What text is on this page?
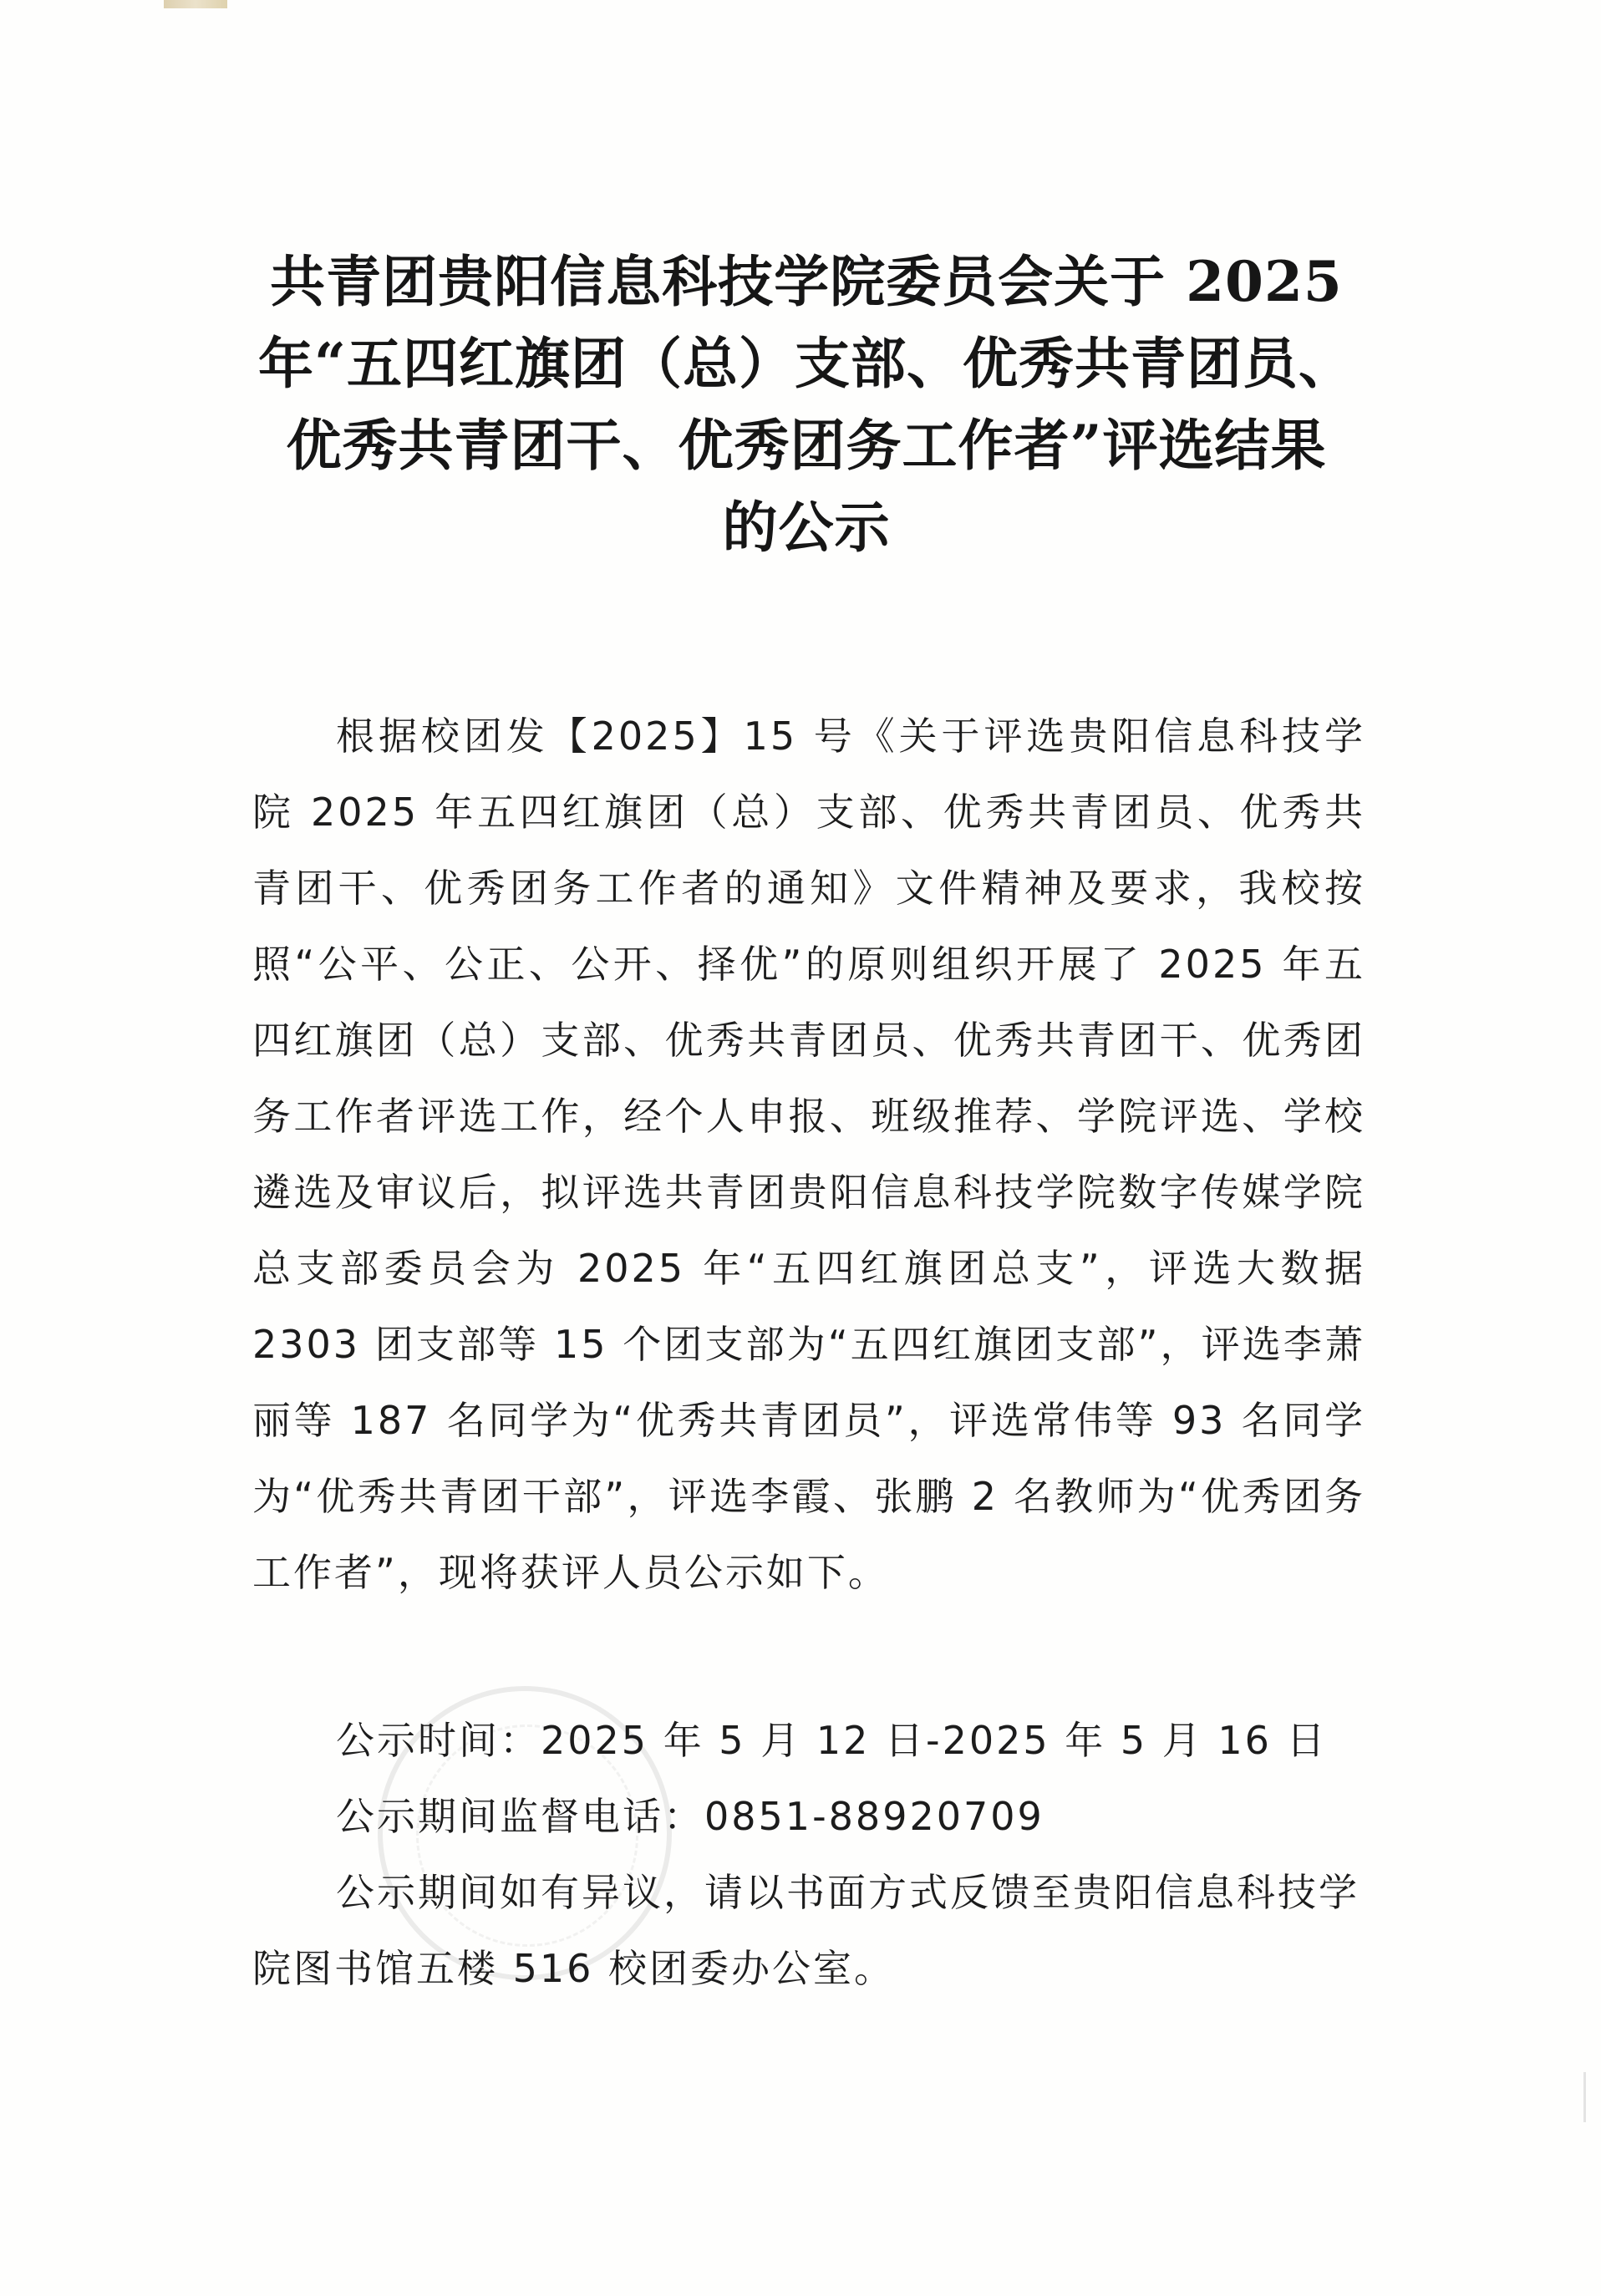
共青团贵阳信息科技学院委员会关于 2025
年“五四红旗团（总）支部、优秀共青团员、
优秀共青团干、优秀团务工作者”评选结果
的公示
根据校团发【2025】15 号《关于评选贵阳信息科技学院 2025 年五四红旗团（总）支部、优秀共青团员、优秀共青团干、优秀团务工作者的通知》文件精神及要求，我校按照“公平、公正、公开、择优”的原则组织开展了 2025 年五四红旗团（总）支部、优秀共青团员、优秀共青团干、优秀团务工作者评选工作，经个人申报、班级推荐、学院评选、学校遴选及审议后，拟评选共青团贵阳信息科技学院数字传媒学院总支部委员会为 2025 年“五四红旗团总支”，评选大数据 2303 团支部等 15 个团支部为“五四红旗团支部”，评选李萧丽等 187 名同学为“优秀共青团员”，评选常伟等 93 名同学为“优秀共青团干部”，评选李霞、张鹏 2 名教师为“优秀团务工作者”，现将获评人员公示如下。
公示时间：2025 年 5 月 12 日-2025 年 5 月 16 日
公示期间监督电话：0851-88920709
公示期间如有异议，请以书面方式反馈至贵阳信息科技学院图书馆五楼 516 校团委办公室。
